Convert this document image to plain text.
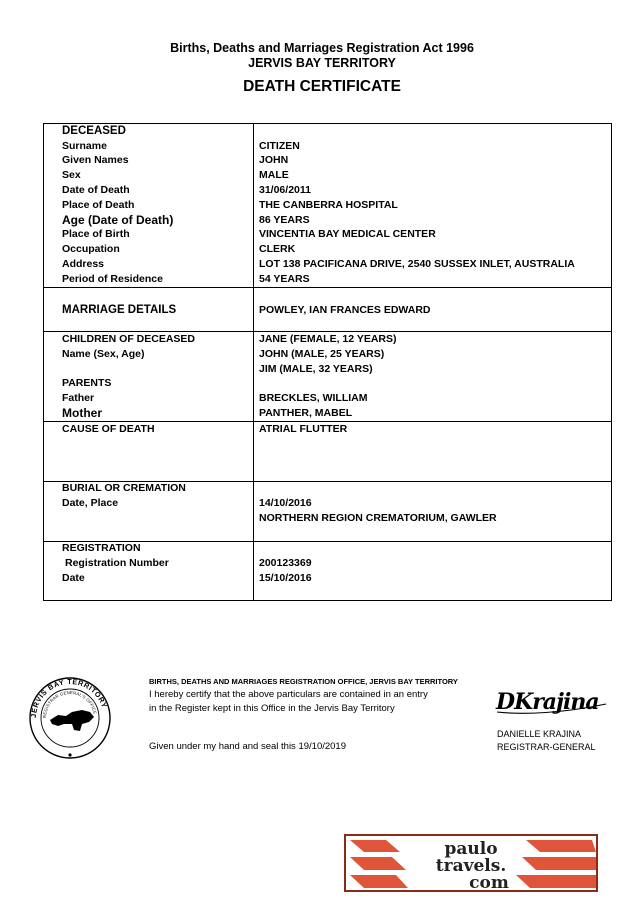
Births, Deaths and Marriages Registration Act 1996
JERVIS BAY TERRITORY
DEATH CERTIFICATE
DECEASED
Surname	CITIZEN
Given Names	JOHN
Sex	MALE
Date of Death	31/06/2011
Place of Death	THE CANBERRA HOSPITAL
Age (Date of Death)	86 YEARS
Place of Birth	VINCENTIA BAY MEDICAL CENTER
Occupation	CLERK
Address	LOT 138 PACIFICANA DRIVE, 2540 SUSSEX INLET, AUSTRALIA
Period of Residence	54 YEARS
MARRIAGE DETAILS	POWLEY, IAN FRANCES EDWARD
CHILDREN OF DECEASED	JANE (FEMALE, 12 YEARS)
Name (Sex, Age)	JOHN (MALE, 25 YEARS)
JIM (MALE, 32 YEARS)
PARENTS
Father	BRECKLES, WILLIAM
Mother	PANTHER, MABEL
CAUSE OF DEATH	ATRIAL FLUTTER
BURIAL OR CREMATION
Date, Place	14/10/2016
NORTHERN REGION CREMATORIUM, GAWLER
REGISTRATION
Registration Number	200123369
Date	15/10/2016
JERVIS BAY TERRITORY
REGISTRAR GENERAL'S OFFICE
BIRTHS, DEATHS AND MARRIAGES REGISTRATION OFFICE, JERVIS BAY TERRITORY
I hereby certify that the above particulars are contained in an entry
in the Register kept in this Office in the Jervis Bay Territory
Given under my hand and seal this 19/10/2019
DKrajina
DANIELLE KRAJINA
REGISTRAR-GENERAL
paulo
travels.
com
